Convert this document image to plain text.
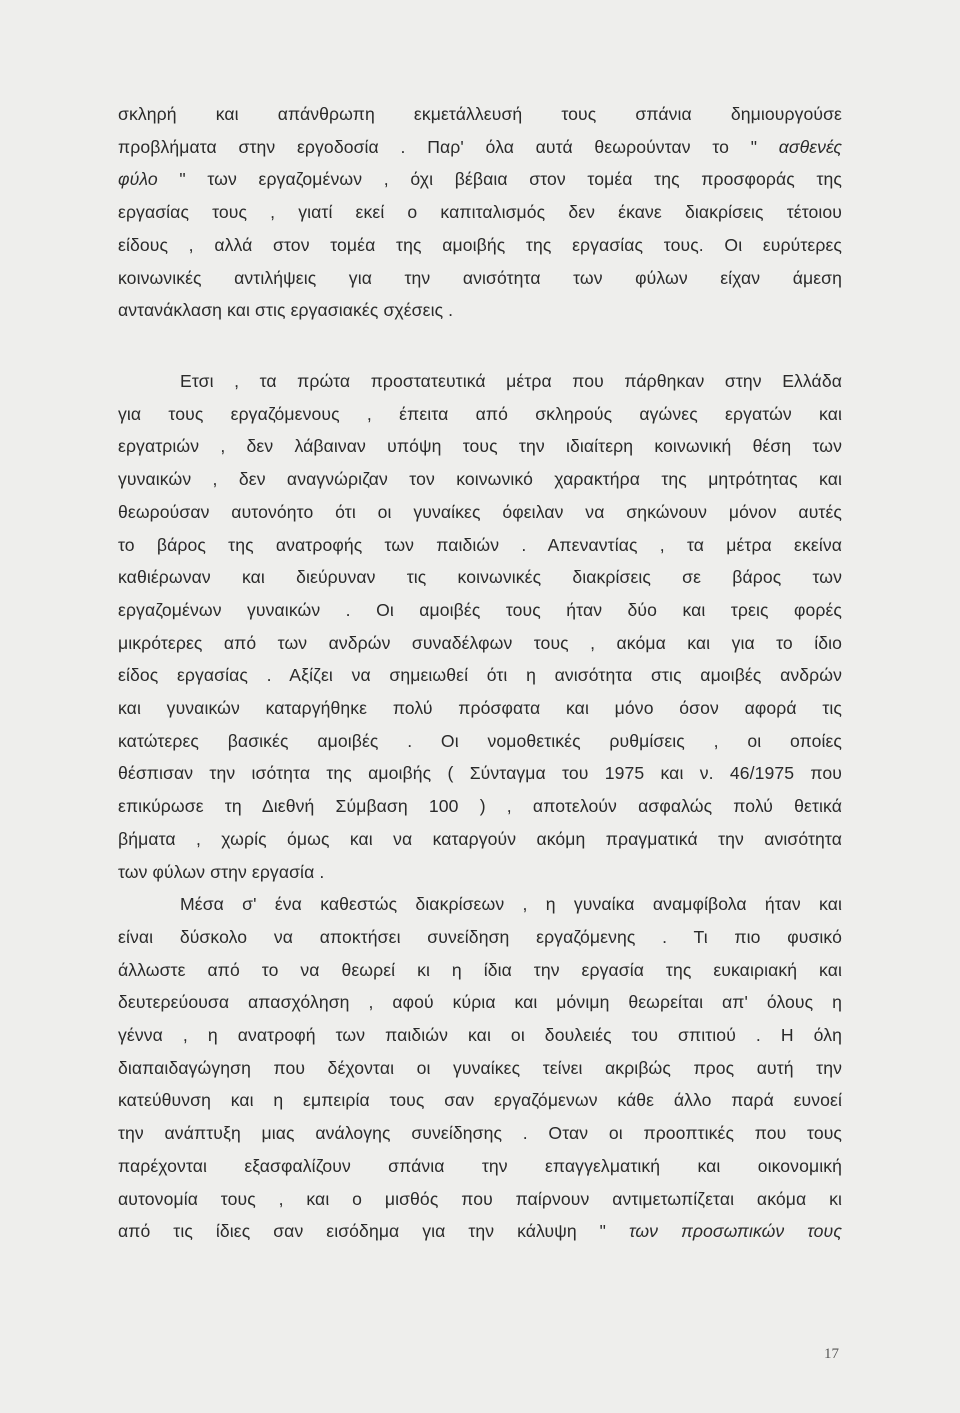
σκληρή και απάνθρωπη εκμετάλλευσή τους σπάνια δημιουργούσε
προβλήματα στην εργοδοσία . Παρ' όλα αυτά θεωρούνταν το " ασθενές
φύλο " των εργαζομένων , όχι βέβαια στον τομέα της προσφοράς της
εργασίας τους , γιατί εκεί ο καπιταλισμός δεν έκανε διακρίσεις τέτοιου
είδους , αλλά στον τομέα της αμοιβής της εργασίας τους. Οι ευρύτερες
κοινωνικές αντιλήψεις για την ανισότητα των φύλων είχαν άμεση
αντανάκλαση και στις εργασιακές σχέσεις .
Ετσι , τα πρώτα προστατευτικά μέτρα που πάρθηκαν στην Ελλάδα
για τους εργαζόμενους , έπειτα από σκληρούς αγώνες εργατών και
εργατριών , δεν λάβαιναν υπόψη τους την ιδιαίτερη κοινωνική θέση των
γυναικών , δεν αναγνώριζαν τον κοινωνικό χαρακτήρα της μητρότητας και
θεωρούσαν αυτονόητο ότι οι γυναίκες όφειλαν να σηκώνουν μόνον αυτές
το βάρος της ανατροφής των παιδιών . Απεναντίας , τα μέτρα εκείνα
καθιέρωναν και διεύρυναν τις κοινωνικές διακρίσεις σε βάρος των
εργαζομένων γυναικών . Οι αμοιβές τους ήταν δύο και τρεις φορές
μικρότερες από των ανδρών συναδέλφων τους , ακόμα και για το ίδιο
είδος εργασίας . Αξίζει να σημειωθεί ότι η ανισότητα στις αμοιβές ανδρών
και γυναικών καταργήθηκε πολύ πρόσφατα και μόνο όσον αφορά τις
κατώτερες βασικές αμοιβές . Οι νομοθετικές ρυθμίσεις , οι οποίες
θέσπισαν την ισότητα της αμοιβής ( Σύνταγμα του 1975 και ν. 46/1975 που
επικύρωσε τη Διεθνή Σύμβαση 100 ) , αποτελούν ασφαλώς πολύ θετικά
βήματα , χωρίς όμως και να καταργούν ακόμη πραγματικά την ανισότητα
των φύλων στην εργασία .
Μέσα σ' ένα καθεστώς διακρίσεων , η γυναίκα αναμφίβολα ήταν και
είναι δύσκολο να αποκτήσει συνείδηση εργαζόμενης . Τι πιο φυσικό
άλλωστε από το να θεωρεί κι η ίδια την εργασία της ευκαιριακή και
δευτερεύουσα απασχόληση , αφού κύρια και μόνιμη θεωρείται απ' όλους η
γέννα , η ανατροφή των παιδιών και οι δουλειές του σπιτιού . Η όλη
διαπαιδαγώγηση που δέχονται οι γυναίκες τείνει ακριβώς προς αυτή την
κατεύθυνση και η εμπειρία τους σαν εργαζόμενων κάθε άλλο παρά ευνοεί
την ανάπτυξη μιας ανάλογης συνείδησης . Οταν οι προοπτικές που τους
παρέχονται εξασφαλίζουν σπάνια την επαγγελματική και οικονομική
αυτονομία τους , και ο μισθός που παίρνουν αντιμετωπίζεται ακόμα κι
από τις ίδιες σαν εισόδημα για την κάλυψη " των προσωπικών τους
17
